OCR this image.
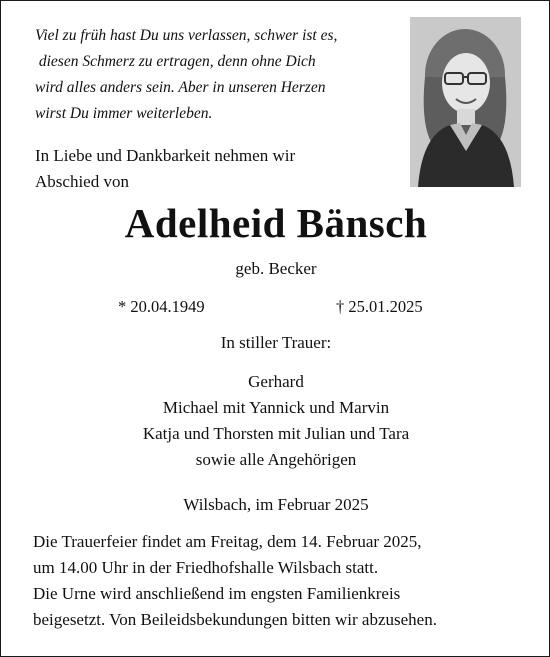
Viel zu früh hast Du uns verlassen, schwer ist es,
diesen Schmerz zu ertragen, denn ohne Dich
wird alles anders sein. Aber in unseren Herzen
wirst Du immer weiterleben.
In Liebe und Dankbarkeit nehmen wir
Abschied von
Adelheid Bänsch
geb. Becker
* 20.04.1949	† 25.01.2025
In stiller Trauer:
Gerhard
Michael mit Yannick und Marvin
Katja und Thorsten mit Julian und Tara
sowie alle Angehörigen
Wilsbach, im Februar 2025
Die Trauerfeier findet am Freitag, dem 14. Februar 2025,
um 14.00 Uhr in der Friedhofshalle Wilsbach statt.
Die Urne wird anschließend im engsten Familienkreis
beigesetzt. Von Beileidsbekundungen bitten wir abzusehen.
